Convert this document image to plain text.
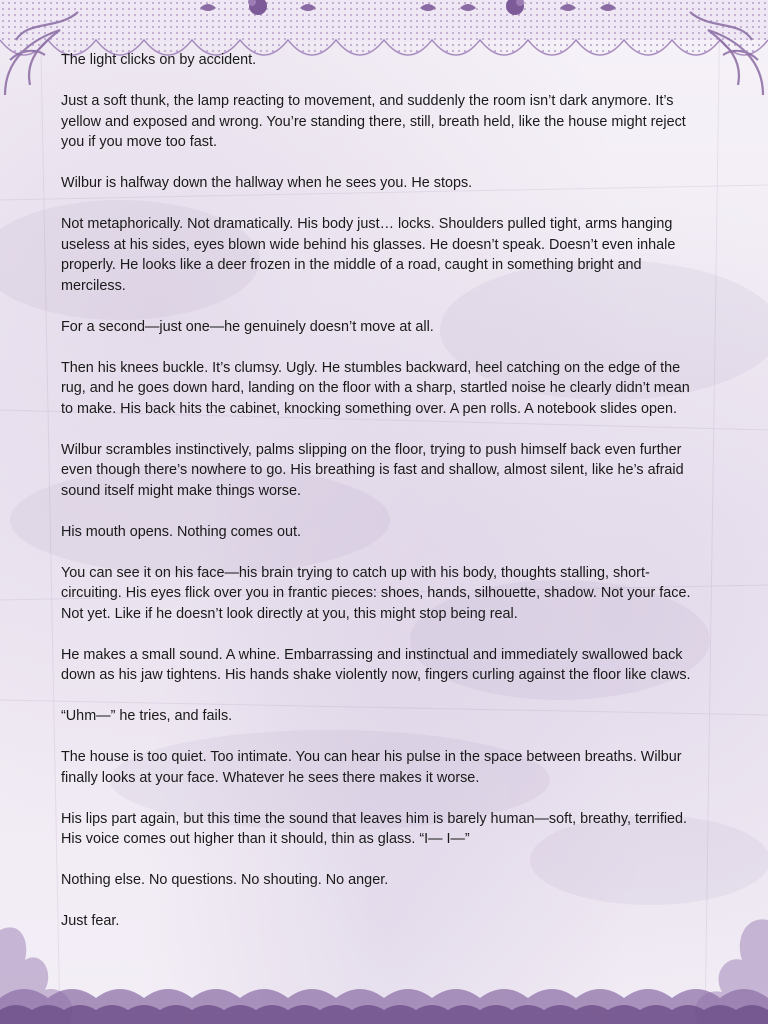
The light clicks on by accident.

Just a soft thunk, the lamp reacting to movement, and suddenly the room isn’t dark anymore. It’s yellow and exposed and wrong. You’re standing there, still, breath held, like the house might reject you if you move too fast.

Wilbur is halfway down the hallway when he sees you. He stops.

Not metaphorically. Not dramatically. His body just… locks. Shoulders pulled tight, arms hanging useless at his sides, eyes blown wide behind his glasses. He doesn’t speak. Doesn’t even inhale properly. He looks like a deer frozen in the middle of a road, caught in something bright and merciless.

For a second—just one—he genuinely doesn’t move at all.

Then his knees buckle. It’s clumsy. Ugly. He stumbles backward, heel catching on the edge of the rug, and he goes down hard, landing on the floor with a sharp, startled noise he clearly didn’t mean to make. His back hits the cabinet, knocking something over. A pen rolls. A notebook slides open.

Wilbur scrambles instinctively, palms slipping on the floor, trying to push himself back even further even though there’s nowhere to go. His breathing is fast and shallow, almost silent, like he’s afraid sound itself might make things worse.

His mouth opens. Nothing comes out.

You can see it on his face—his brain trying to catch up with his body, thoughts stalling, short-circuiting. His eyes flick over you in frantic pieces: shoes, hands, silhouette, shadow. Not your face. Not yet. Like if he doesn’t look directly at you, this might stop being real.

He makes a small sound. A whine. Embarrassing and instinctual and immediately swallowed back down as his jaw tightens. His hands shake violently now, fingers curling against the floor like claws.

“Uhm—” he tries, and fails.

The house is too quiet. Too intimate. You can hear his pulse in the space between breaths. Wilbur finally looks at your face. Whatever he sees there makes it worse.

His lips part again, but this time the sound that leaves him is barely human—soft, breathy, terrified. His voice comes out higher than it should, thin as glass. “I— I—”

Nothing else. No questions. No shouting. No anger.

Just fear.
